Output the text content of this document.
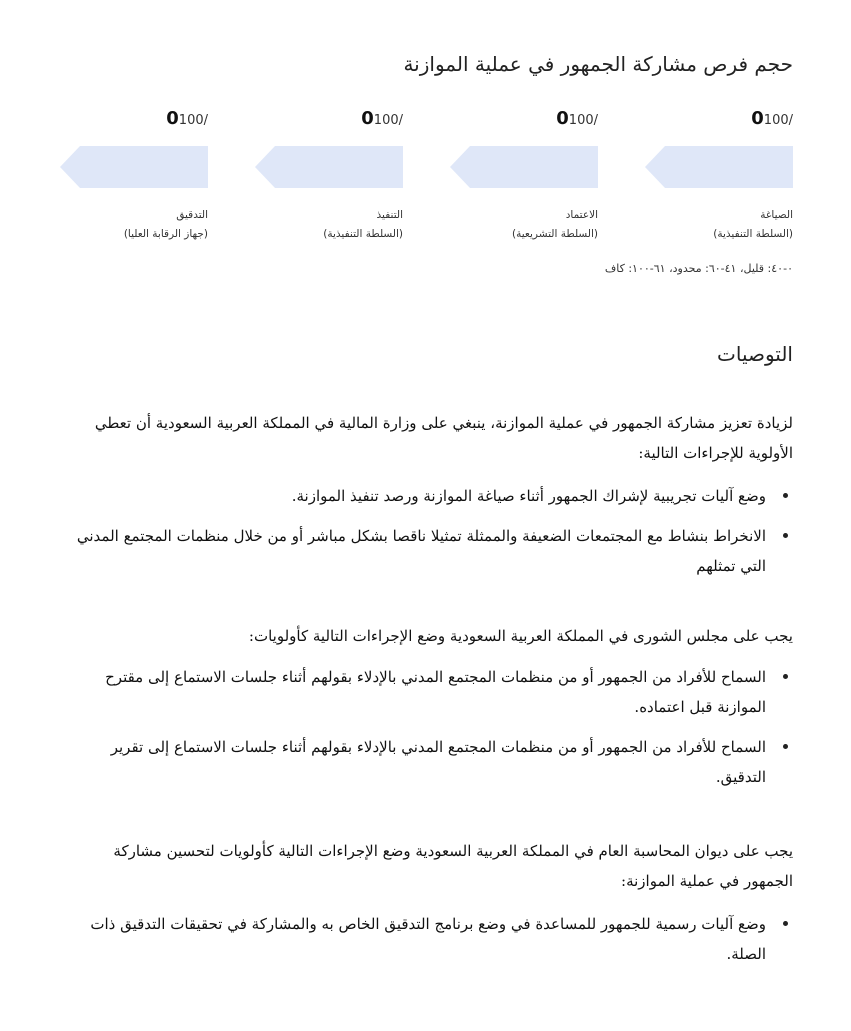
حجم فرص مشاركة الجمهور في عملية الموازنة
0100/
الصياغة
(السلطة التنفيذية)
0100/
الاعتماد
(السلطة التشريعية)
0100/
التنفيذ
(السلطة التنفيذية)
0100/
التدقيق
(جهاز الرقابة العليا)
٠-٤٠: قليل، ٤١-٦٠: محدود، ٦١-١٠٠: كاف
التوصيات

لزيادة تعزيز مشاركة الجمهور في عملية الموازنة، ينبغي على وزارة المالية في المملكة العربية السعودية أن تعطي الأولوية للإجراءات التالية:

وضع آليات تجريبية لإشراك الجمهور أثناء صياغة الموازنة ورصد تنفيذ الموازنة.
الانخراط بنشاط مع المجتمعات الضعيفة والممثلة تمثيلا ناقصا بشكل مباشر أو من خلال منظمات المجتمع المدني التي تمثلهم

يجب على مجلس الشورى في المملكة العربية السعودية وضع الإجراءات التالية كأولويات:

السماح للأفراد من الجمهور أو من منظمات المجتمع المدني بالإدلاء بقولهم أثناء جلسات الاستماع إلى مقترح الموازنة قبل اعتماده.
السماح للأفراد من الجمهور أو من منظمات المجتمع المدني بالإدلاء بقولهم أثناء جلسات الاستماع إلى تقرير التدقيق.

يجب على ديوان المحاسبة العام في المملكة العربية السعودية وضع الإجراءات التالية كأولويات لتحسين مشاركة الجمهور في عملية الموازنة:

وضع آليات رسمية للجمهور للمساعدة في وضع برنامج التدقيق الخاص به والمشاركة في تحقيقات التدقيق ذات الصلة.
